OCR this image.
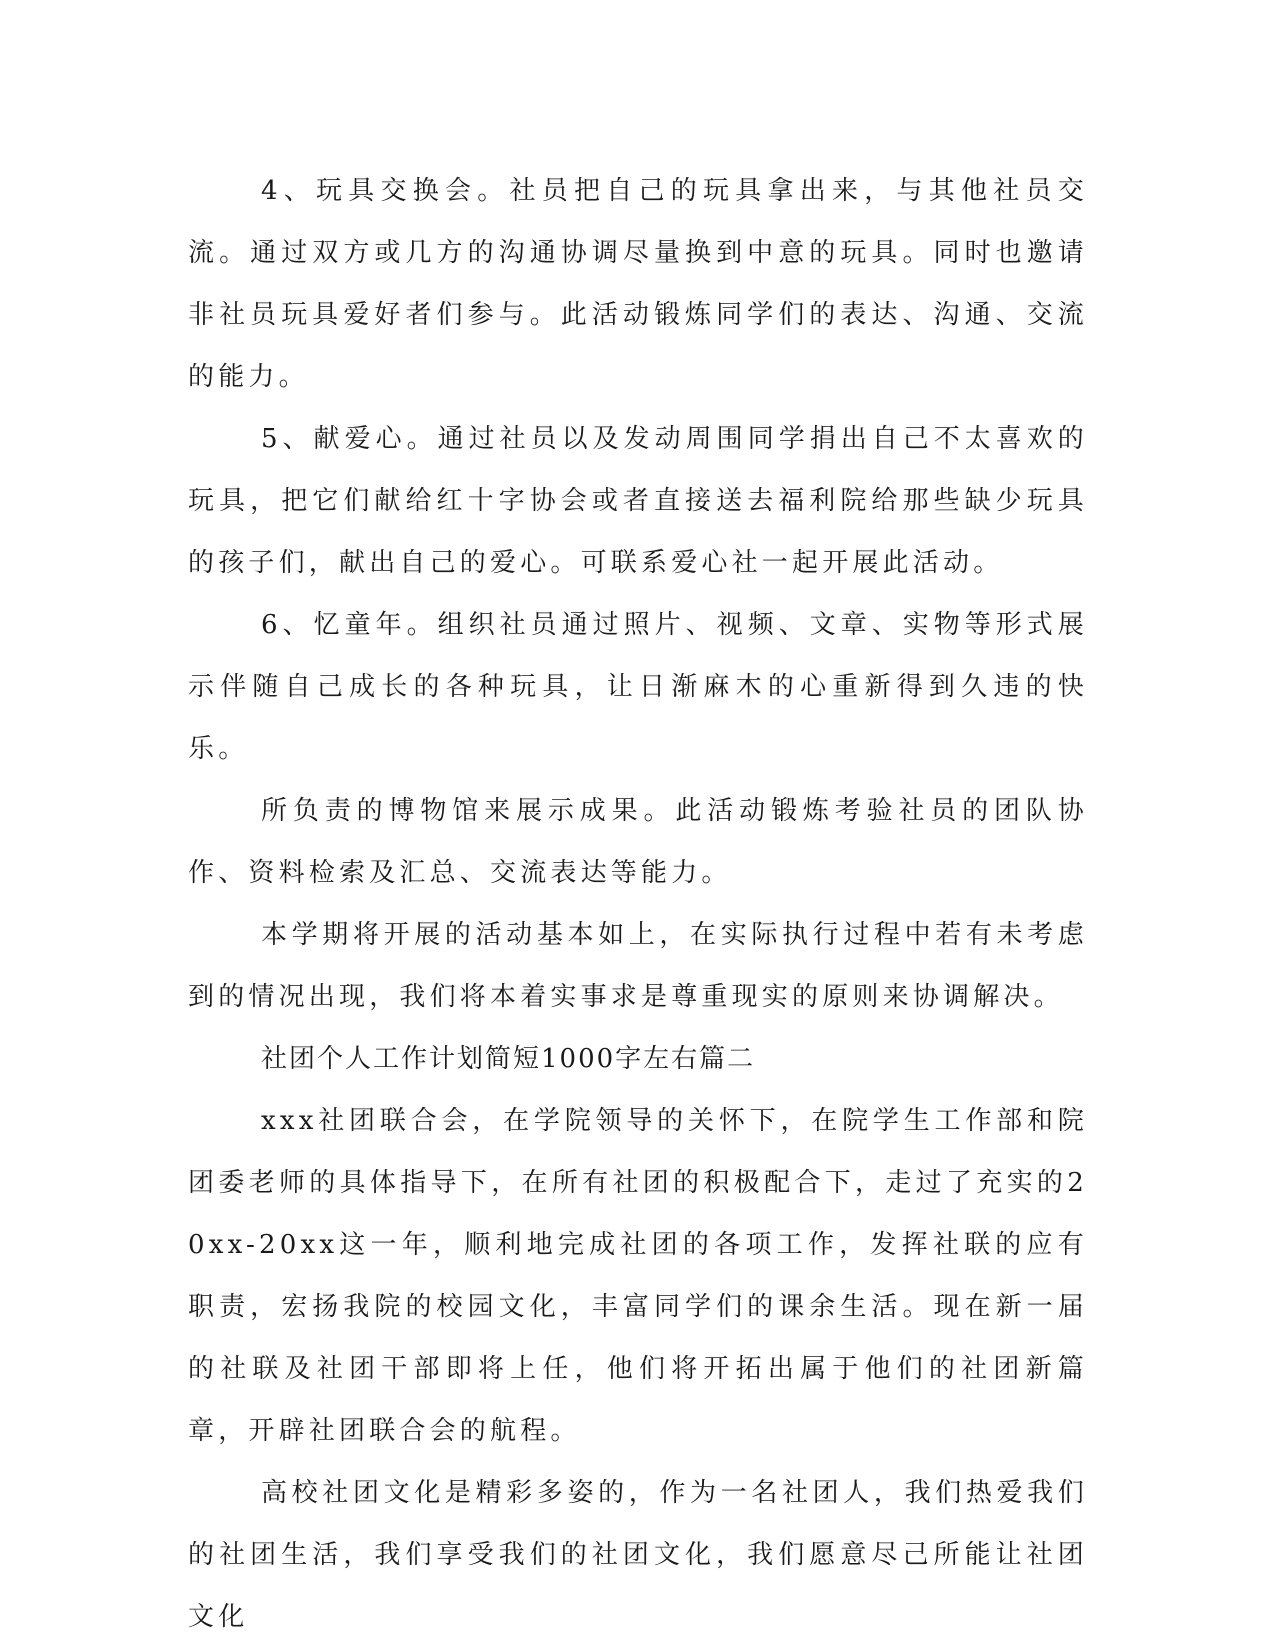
4、玩具交换会。社员把自己的玩具拿出来，与其他社员交流。通过双方或几方的沟通协调尽量换到中意的玩具。同时也邀请非社员玩具爱好者们参与。此活动锻炼同学们的表达、沟通、交流的能力。

5、献爱心。通过社员以及发动周围同学捐出自己不太喜欢的玩具，把它们献给红十字协会或者直接送去福利院给那些缺少玩具的孩子们，献出自己的爱心。可联系爱心社一起开展此活动。

6、忆童年。组织社员通过照片、视频、文章、实物等形式展示伴随自己成长的各种玩具，让日渐麻木的心重新得到久违的快乐。

所负责的博物馆来展示成果。此活动锻炼考验社员的团队协作、资料检索及汇总、交流表达等能力。

本学期将开展的活动基本如上，在实际执行过程中若有未考虑到的情况出现，我们将本着实事求是尊重现实的原则来协调解决。

社团个人工作计划简短1000字左右篇二

xxx社团联合会，在学院领导的关怀下，在院学生工作部和院团委老师的具体指导下，在所有社团的积极配合下，走过了充实的20xx-20xx这一年，顺利地完成社团的各项工作，发挥社联的应有职责，宏扬我院的校园文化，丰富同学们的课余生活。现在新一届的社联及社团干部即将上任，他们将开拓出属于他们的社团新篇章，开辟社团联合会的航程。

高校社团文化是精彩多姿的，作为一名社团人，我们热爱我们的社团生活，我们享受我们的社团文化，我们愿意尽己所能让社团文化
